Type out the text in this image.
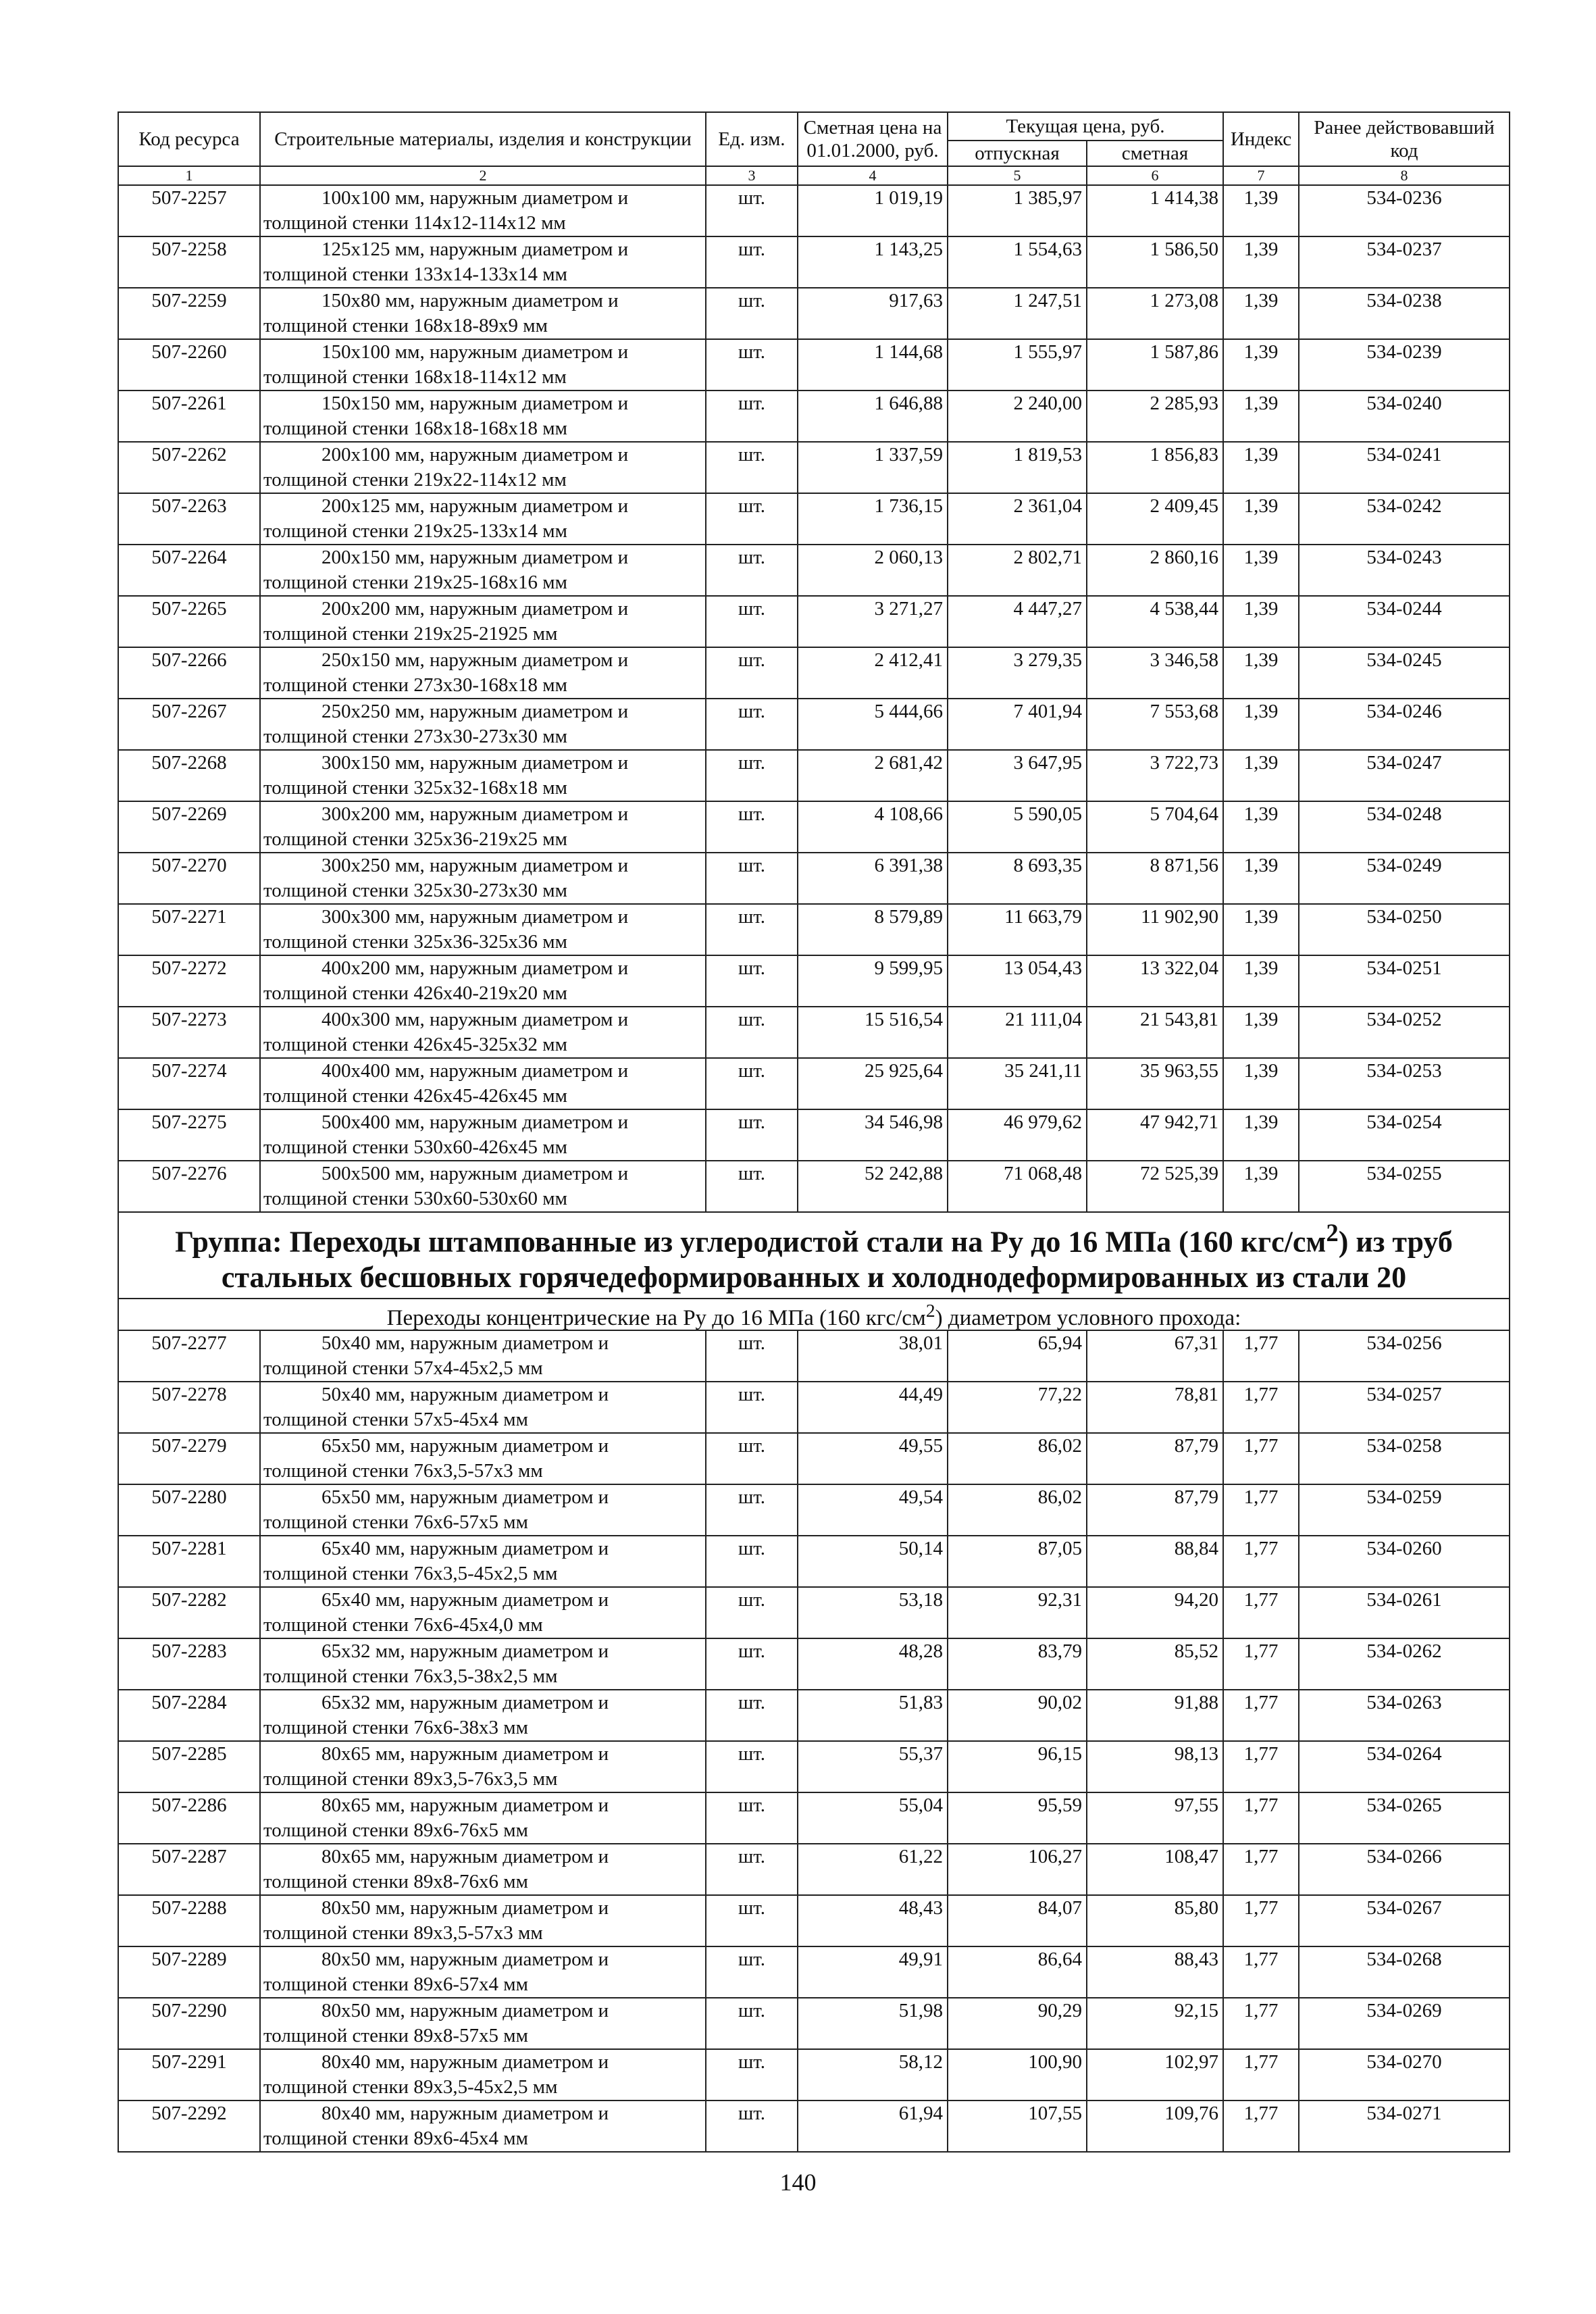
Код ресурса	Строительные материалы, изделия и конструкции	Ед. изм.	Сметная цена на 01.01.2000, руб.	Текущая цена, руб.		Индекс	Ранее действовавший код
				отпускная	сметная		
1	2	3	4	5	6	7	8
507-2257	100x100 мм, наружным диаметром и
толщиной стенки 114x12-114x12 мм	шт.	1 019,19	1 385,97	1 414,38	1,39	534-0236
507-2258	125x125 мм, наружным диаметром и
толщиной стенки 133x14-133x14 мм	шт.	1 143,25	1 554,63	1 586,50	1,39	534-0237
507-2259	150x80 мм, наружным диаметром и
толщиной стенки 168x18-89x9 мм	шт.	917,63	1 247,51	1 273,08	1,39	534-0238
507-2260	150x100 мм, наружным диаметром и
толщиной стенки 168x18-114x12 мм	шт.	1 144,68	1 555,97	1 587,86	1,39	534-0239
507-2261	150x150 мм, наружным диаметром и
толщиной стенки 168x18-168x18 мм	шт.	1 646,88	2 240,00	2 285,93	1,39	534-0240
507-2262	200x100 мм, наружным диаметром и
толщиной стенки 219x22-114x12 мм	шт.	1 337,59	1 819,53	1 856,83	1,39	534-0241
507-2263	200x125 мм, наружным диаметром и
толщиной стенки 219x25-133x14 мм	шт.	1 736,15	2 361,04	2 409,45	1,39	534-0242
507-2264	200x150 мм, наружным диаметром и
толщиной стенки 219x25-168x16 мм	шт.	2 060,13	2 802,71	2 860,16	1,39	534-0243
507-2265	200x200 мм, наружным диаметром и
толщиной стенки 219x25-21925 мм	шт.	3 271,27	4 447,27	4 538,44	1,39	534-0244
507-2266	250x150 мм, наружным диаметром и
толщиной стенки 273x30-168x18 мм	шт.	2 412,41	3 279,35	3 346,58	1,39	534-0245
507-2267	250x250 мм, наружным диаметром и
толщиной стенки 273x30-273x30 мм	шт.	5 444,66	7 401,94	7 553,68	1,39	534-0246
507-2268	300x150 мм, наружным диаметром и
толщиной стенки 325x32-168x18 мм	шт.	2 681,42	3 647,95	3 722,73	1,39	534-0247
507-2269	300x200 мм, наружным диаметром и
толщиной стенки 325x36-219x25 мм	шт.	4 108,66	5 590,05	5 704,64	1,39	534-0248
507-2270	300x250 мм, наружным диаметром и
толщиной стенки 325x30-273x30 мм	шт.	6 391,38	8 693,35	8 871,56	1,39	534-0249
507-2271	300x300 мм, наружным диаметром и
толщиной стенки 325x36-325x36 мм	шт.	8 579,89	11 663,79	11 902,90	1,39	534-0250
507-2272	400x200 мм, наружным диаметром и
толщиной стенки 426x40-219x20 мм	шт.	9 599,95	13 054,43	13 322,04	1,39	534-0251
507-2273	400x300 мм, наружным диаметром и
толщиной стенки 426x45-325x32 мм	шт.	15 516,54	21 111,04	21 543,81	1,39	534-0252
507-2274	400x400 мм, наружным диаметром и
толщиной стенки 426x45-426x45 мм	шт.	25 925,64	35 241,11	35 963,55	1,39	534-0253
507-2275	500x400 мм, наружным диаметром и
толщиной стенки 530x60-426x45 мм	шт.	34 546,98	46 979,62	47 942,71	1,39	534-0254
507-2276	500x500 мм, наружным диаметром и
толщиной стенки 530x60-530x60 мм	шт.	52 242,88	71 068,48	72 525,39	1,39	534-0255
Группа: Переходы штампованные из углеродистой стали на Ру до 16 МПа (160 кгс/$см^2$) из труб
стальных бесшовных горячедеформированных и холоднодеформированных из стали 20							
Переходы концентрические на Ру до 16 МПа (160 кгс/$см^2$) диаметром условного прохода:							
507-2277	50x40 мм, наружным диаметром и
толщиной стенки 57x4-45x2,5 мм	шт.	38,01	65,94	67,31	1,77	534-0256
507-2278	50x40 мм, наружным диаметром и
толщиной стенки 57x5-45x4 мм	шт.	44,49	77,22	78,81	1,77	534-0257
507-2279	65x50 мм, наружным диаметром и
толщиной стенки 76x3,5-57x3 мм	шт.	49,55	86,02	87,79	1,77	534-0258
507-2280	65x50 мм, наружным диаметром и
толщиной стенки 76x6-57x5 мм	шт.	49,54	86,02	87,79	1,77	534-0259
507-2281	65x40 мм, наружным диаметром и
толщиной стенки 76x3,5-45x2,5 мм	шт.	50,14	87,05	88,84	1,77	534-0260
507-2282	65x40 мм, наружным диаметром и
толщиной стенки 76x6-45x4,0 мм	шт.	53,18	92,31	94,20	1,77	534-0261
507-2283	65x32 мм, наружным диаметром и
толщиной стенки 76x3,5-38x2,5 мм	шт.	48,28	83,79	85,52	1,77	534-0262
507-2284	65x32 мм, наружным диаметром и
толщиной стенки 76x6-38x3 мм	шт.	51,83	90,02	91,88	1,77	534-0263
507-2285	80x65 мм, наружным диаметром и
толщиной стенки 89x3,5-76x3,5 мм	шт.	55,37	96,15	98,13	1,77	534-0264
507-2286	80x65 мм, наружным диаметром и
толщиной стенки 89x6-76x5 мм	шт.	55,04	95,59	97,55	1,77	534-0265
507-2287	80x65 мм, наружным диаметром и
толщиной стенки 89x8-76x6 мм	шт.	61,22	106,27	108,47	1,77	534-0266
507-2288	80x50 мм, наружным диаметром и
толщиной стенки 89x3,5-57x3 мм	шт.	48,43	84,07	85,80	1,77	534-0267
507-2289	80x50 мм, наружным диаметром и
толщиной стенки 89x6-57x4 мм	шт.	49,91	86,64	88,43	1,77	534-0268
507-2290	80x50 мм, наружным диаметром и
толщиной стенки 89x8-57x5 мм	шт.	51,98	90,29	92,15	1,77	534-0269
507-2291	80x40 мм, наружным диаметром и
толщиной стенки 89x3,5-45x2,5 мм	шт.	58,12	100,90	102,97	1,77	534-0270
507-2292	80x40 мм, наружным диаметром и
толщиной стенки 89x6-45x4 мм	шт.	61,94	107,55	109,76	1,77	534-0271
140
